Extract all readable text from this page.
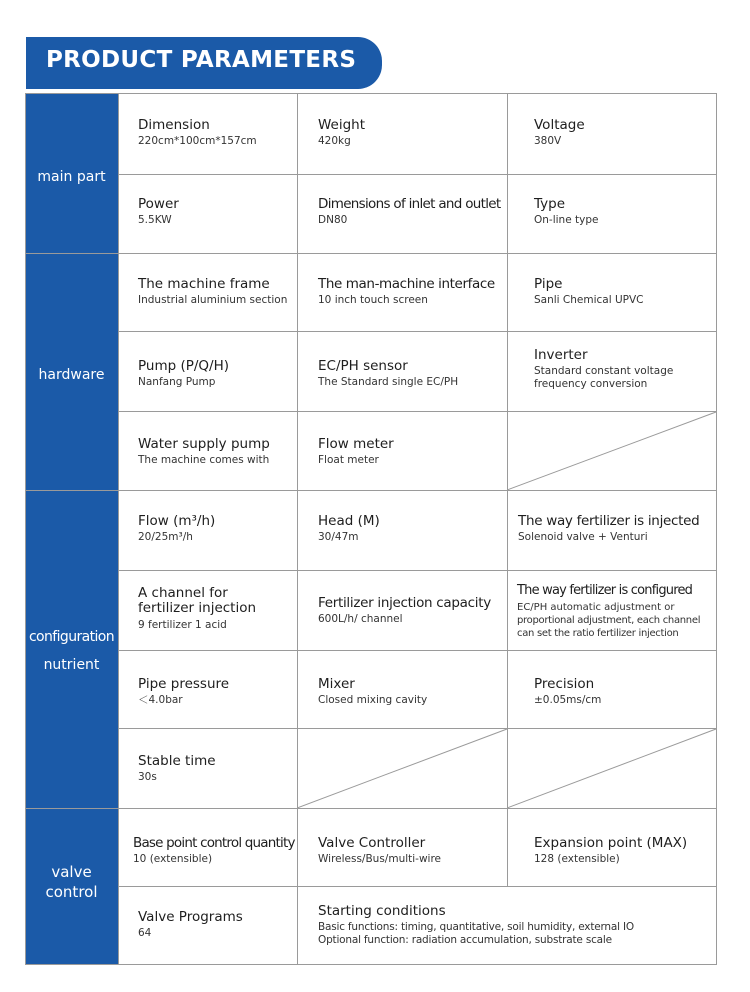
PRODUCT PARAMETERS
main part
hardware
configuration
nutrient
valve
control
Dimension
220cm*100cm*157cm
Weight
420kg
Voltage
380V
Power
5.5KW
Dimensions of inlet and outlet
DN80
Type
On-line type
The machine frame
Industrial aluminium section
The man-machine interface
10 inch touch screen
Pipe
Sanli Chemical UPVC
Pump (P/Q/H)
Nanfang Pump
EC/PH sensor
The Standard single EC/PH
Inverter
Standard constant voltage
frequency conversion
Water supply pump
The machine comes with
Flow meter
Float meter
Flow (m³/h)
20/25m³/h
Head (M)
30/47m
The way fertilizer is injected
Solenoid valve + Venturi
A channel for
fertilizer injection
9 fertilizer 1 acid
Fertilizer injection capacity
600L/h/ channel
The way fertilizer is configured
EC/PH automatic adjustment or
proportional adjustment, each channel
can set the ratio fertilizer injection
Pipe pressure
＜4.0bar
Mixer
Closed mixing cavity
Precision
±0.05ms/cm
Stable time
30s
Base point control quantity
10 (extensible)
Valve Controller
Wireless/Bus/multi-wire
Expansion point (MAX)
128 (extensible)
Valve Programs
64
Starting conditions
Basic functions: timing, quantitative, soil humidity, external IO
Optional function: radiation accumulation, substrate scale
